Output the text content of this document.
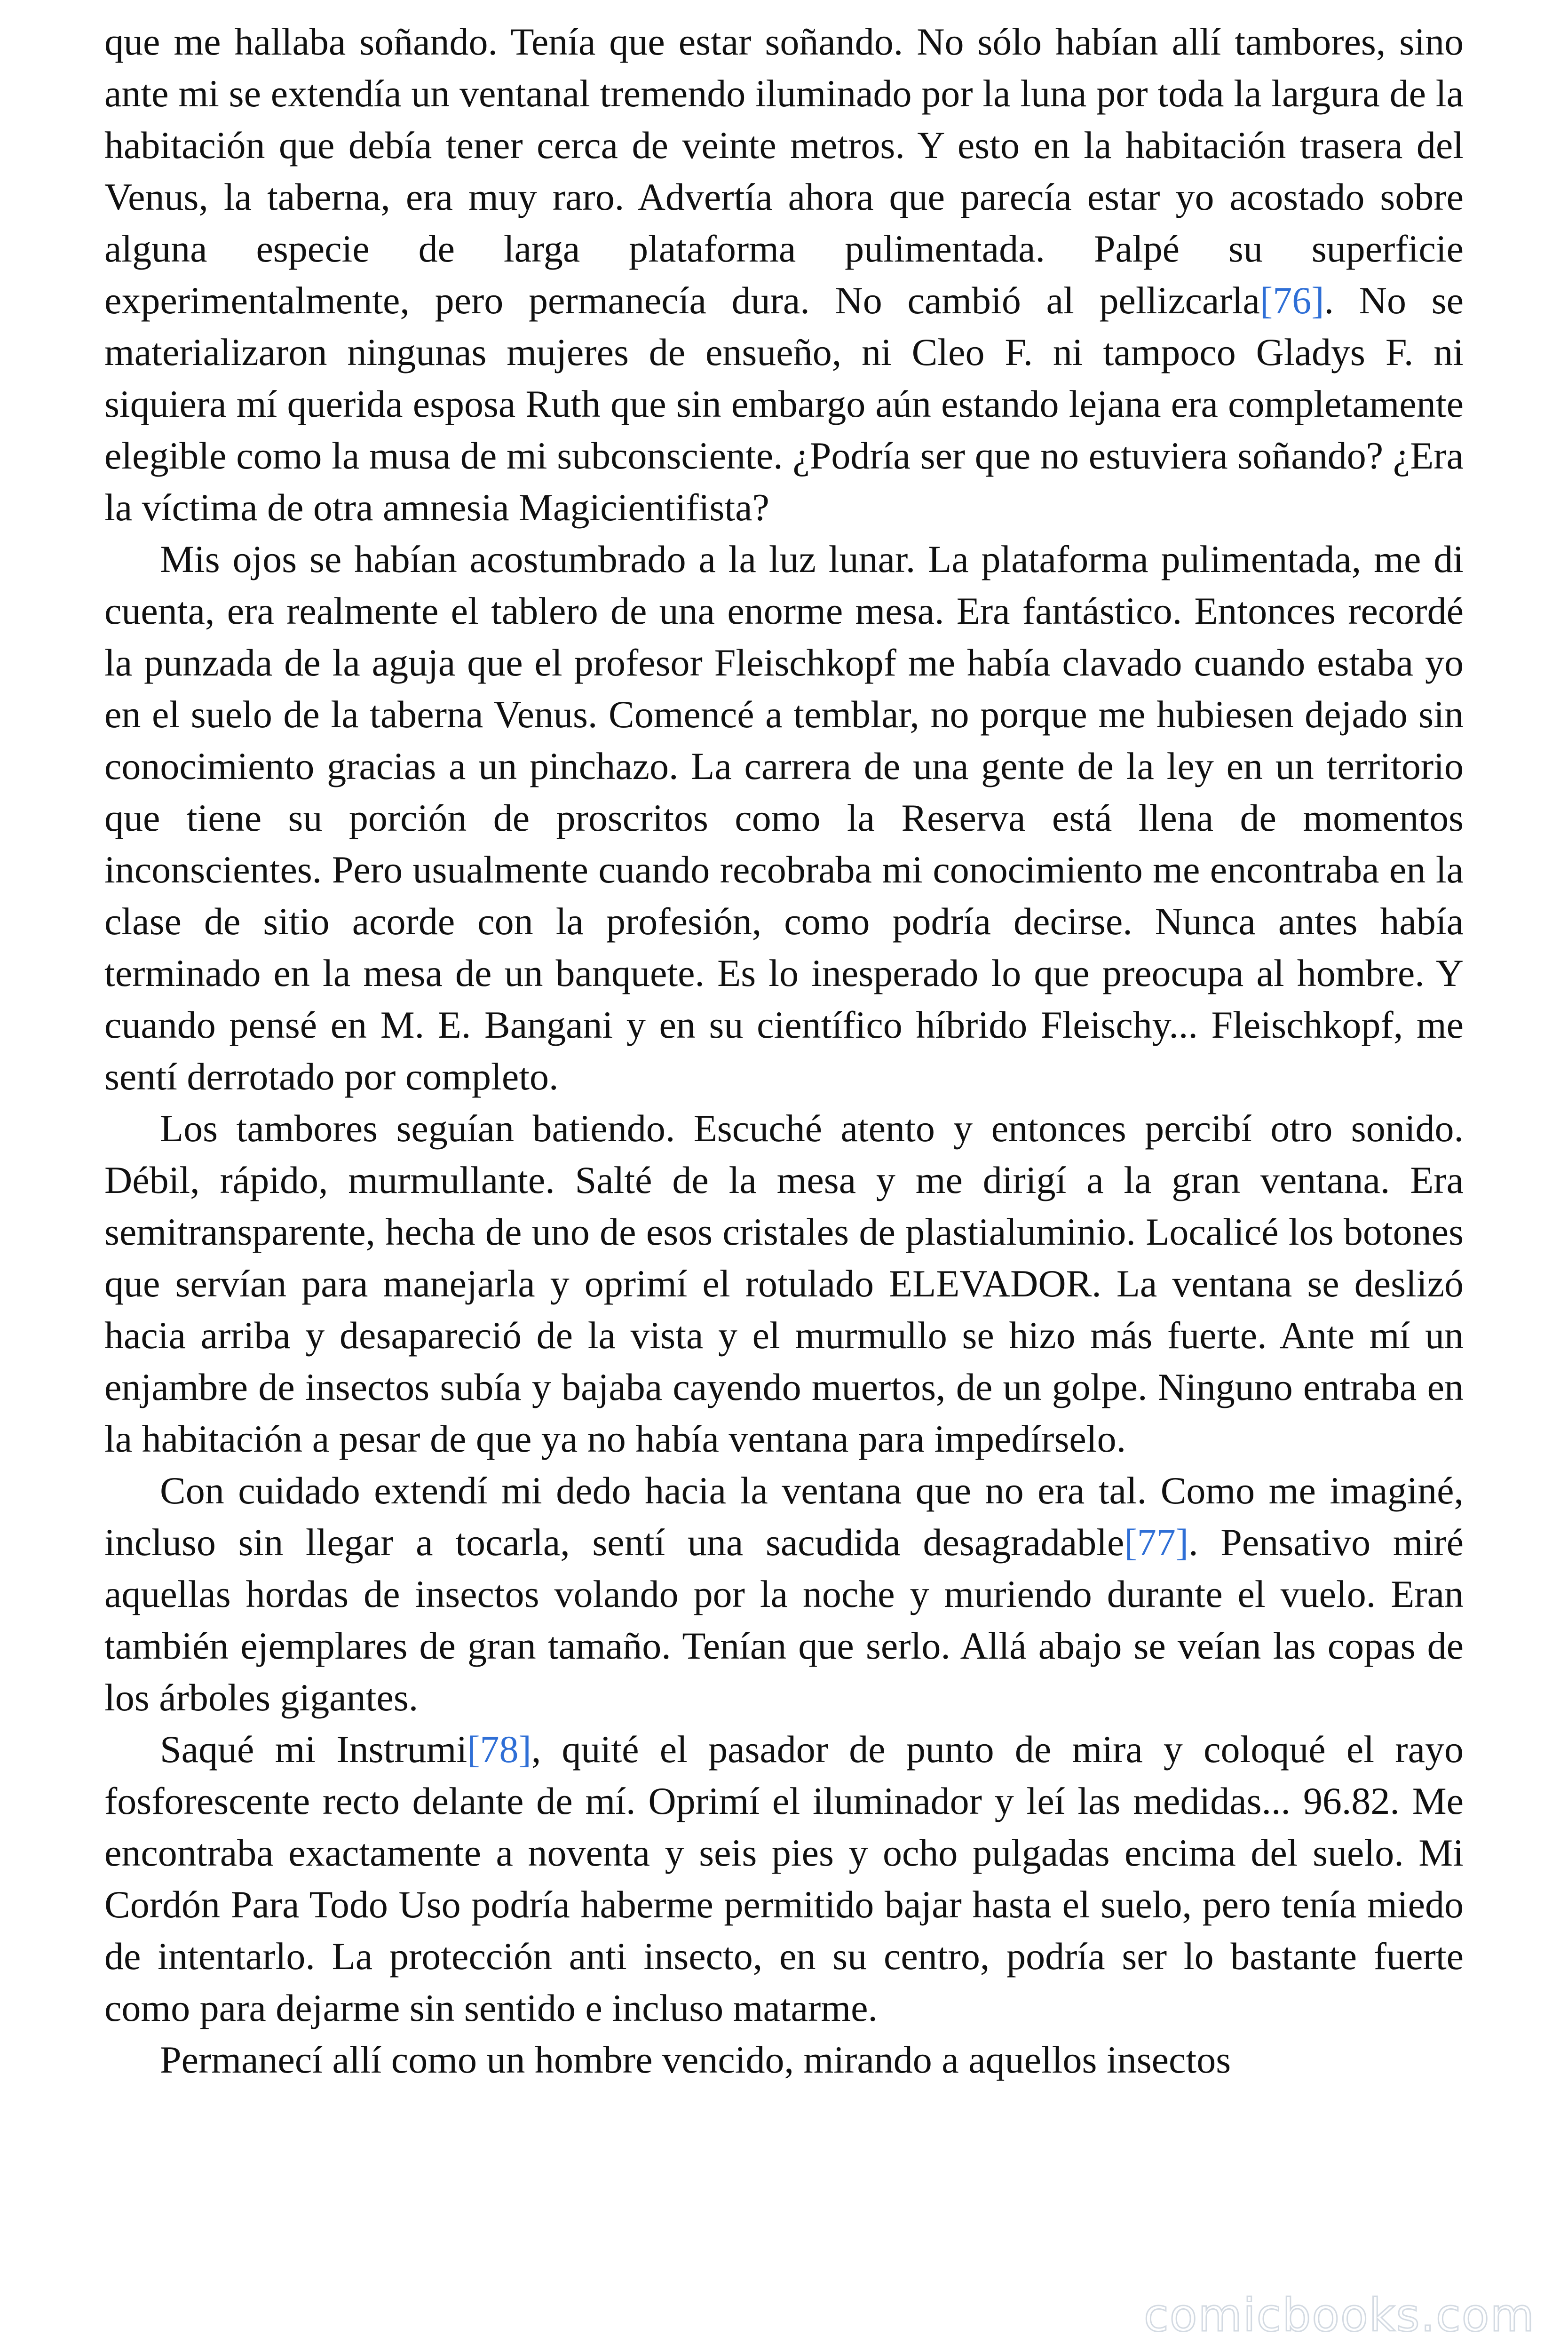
que me hallaba soñando. Tenía que estar soñando. No sólo habían allí tambores, sino ante mi se extendía un ventanal tremendo iluminado por la luna por toda la largura de la habitación que debía tener cerca de veinte metros. Y esto en la habitación trasera del Venus, la taberna, era muy raro. Advertía ahora que parecía estar yo acostado sobre alguna especie de larga plataforma pulimentada. Palpé su superficie experimentalmente, pero permanecía dura. No cambió al pellizcarla[76]. No se materializaron ningunas mujeres de ensueño, ni Cleo F. ni tampoco Gladys F. ni siquiera mí querida esposa Ruth que sin embargo aún estando lejana era completamente elegible como la musa de mi subconsciente. ¿Podría ser que no estuviera soñando? ¿Era la víctima de otra amnesia Magicientifista?

Mis ojos se habían acostumbrado a la luz lunar. La plataforma pulimentada, me di cuenta, era realmente el tablero de una enorme mesa. Era fantástico. Entonces recordé la punzada de la aguja que el profesor Fleischkopf me había clavado cuando estaba yo en el suelo de la taberna Venus. Comencé a temblar, no porque me hubiesen dejado sin conocimiento gracias a un pinchazo. La carrera de una gente de la ley en un territorio que tiene su porción de proscritos como la Reserva está llena de momentos inconscientes. Pero usualmente cuando recobraba mi conocimiento me encontraba en la clase de sitio acorde con la profesión, como podría decirse. Nunca antes había terminado en la mesa de un banquete. Es lo inesperado lo que preocupa al hombre. Y cuando pensé en M. E. Bangani y en su científico híbrido Fleischy... Fleischkopf, me sentí derrotado por completo.

Los tambores seguían batiendo. Escuché atento y entonces percibí otro sonido. Débil, rápido, murmullante. Salté de la mesa y me dirigí a la gran ventana. Era semitransparente, hecha de uno de esos cristales de plastialuminio. Localicé los botones que servían para manejarla y oprimí el rotulado ELEVADOR. La ventana se deslizó hacia arriba y desapareció de la vista y el murmullo se hizo más fuerte. Ante mí un enjambre de insectos subía y bajaba cayendo muertos, de un golpe. Ninguno entraba en la habitación a pesar de que ya no había ventana para impedírselo.

Con cuidado extendí mi dedo hacia la ventana que no era tal. Como me imaginé, incluso sin llegar a tocarla, sentí una sacudida desagradable[77]. Pensativo miré aquellas hordas de insectos volando por la noche y muriendo durante el vuelo. Eran también ejemplares de gran tamaño. Tenían que serlo. Allá abajo se veían las copas de los árboles gigantes.

Saqué mi Instrumi[78], quité el pasador de punto de mira y coloqué el rayo fosforescente recto delante de mí. Oprimí el iluminador y leí las medidas... 96.82. Me encontraba exactamente a noventa y seis pies y ocho pulgadas encima del suelo. Mi Cordón Para Todo Uso podría haberme permitido bajar hasta el suelo, pero tenía miedo de intentarlo. La protección anti insecto, en su centro, podría ser lo bastante fuerte como para dejarme sin sentido e incluso matarme.

Permanecí allí como un hombre vencido, mirando a aquellos insectos

comicbooks.com
